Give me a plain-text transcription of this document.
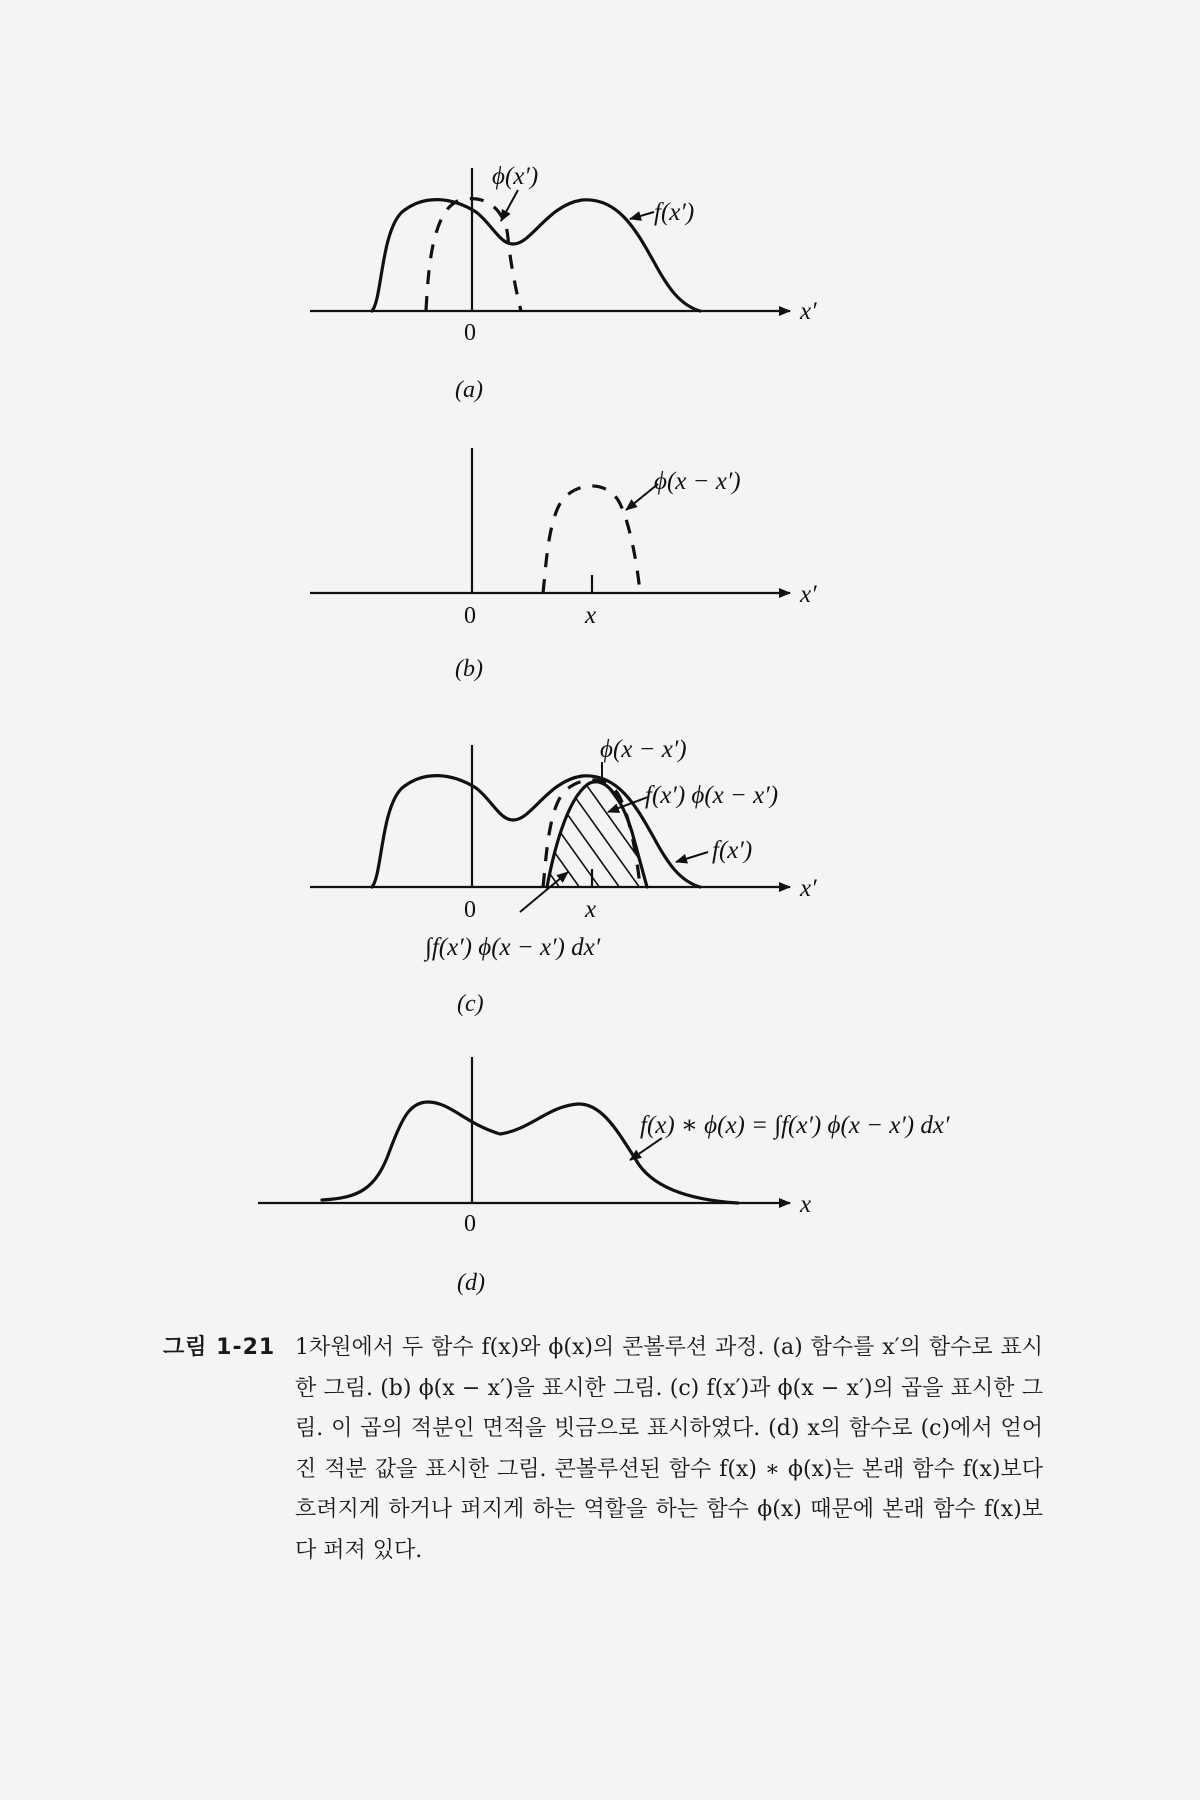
ϕ(x′)
f(x′)
x′
0
(a)
ϕ(x − x′)
x′
0	x
(b)
ϕ(x − x′)
f(x′) ϕ(x − x′)
f(x′)
∫f(x′) ϕ(x − x′) dx′
x′
0	x
(c)
f(x) ∗ ϕ(x) = ∫f(x′) ϕ(x − x′) dx′
x
0
(d)
그림 1-21 1차원에서 두 함수 f(x)와 ϕ(x)의 콘볼루션 과정. (a) 함수를 x′의 함수로 표시한 그림. (b) ϕ(x − x′)을 표시한 그림. (c) f(x′)과 ϕ(x − x′)의 곱을 표시한 그림. 이 곱의 적분인 면적을 빗금으로 표시하였다. (d) x의 함수로 (c)에서 얻어진 적분 값을 표시한 그림. 콘볼루션된 함수 f(x) ∗ ϕ(x)는 본래 함수 f(x)보다 흐려지게 하거나 퍼지게 하는 역할을 하는 함수 ϕ(x) 때문에 본래 함수 f(x)보다 퍼져 있다.
